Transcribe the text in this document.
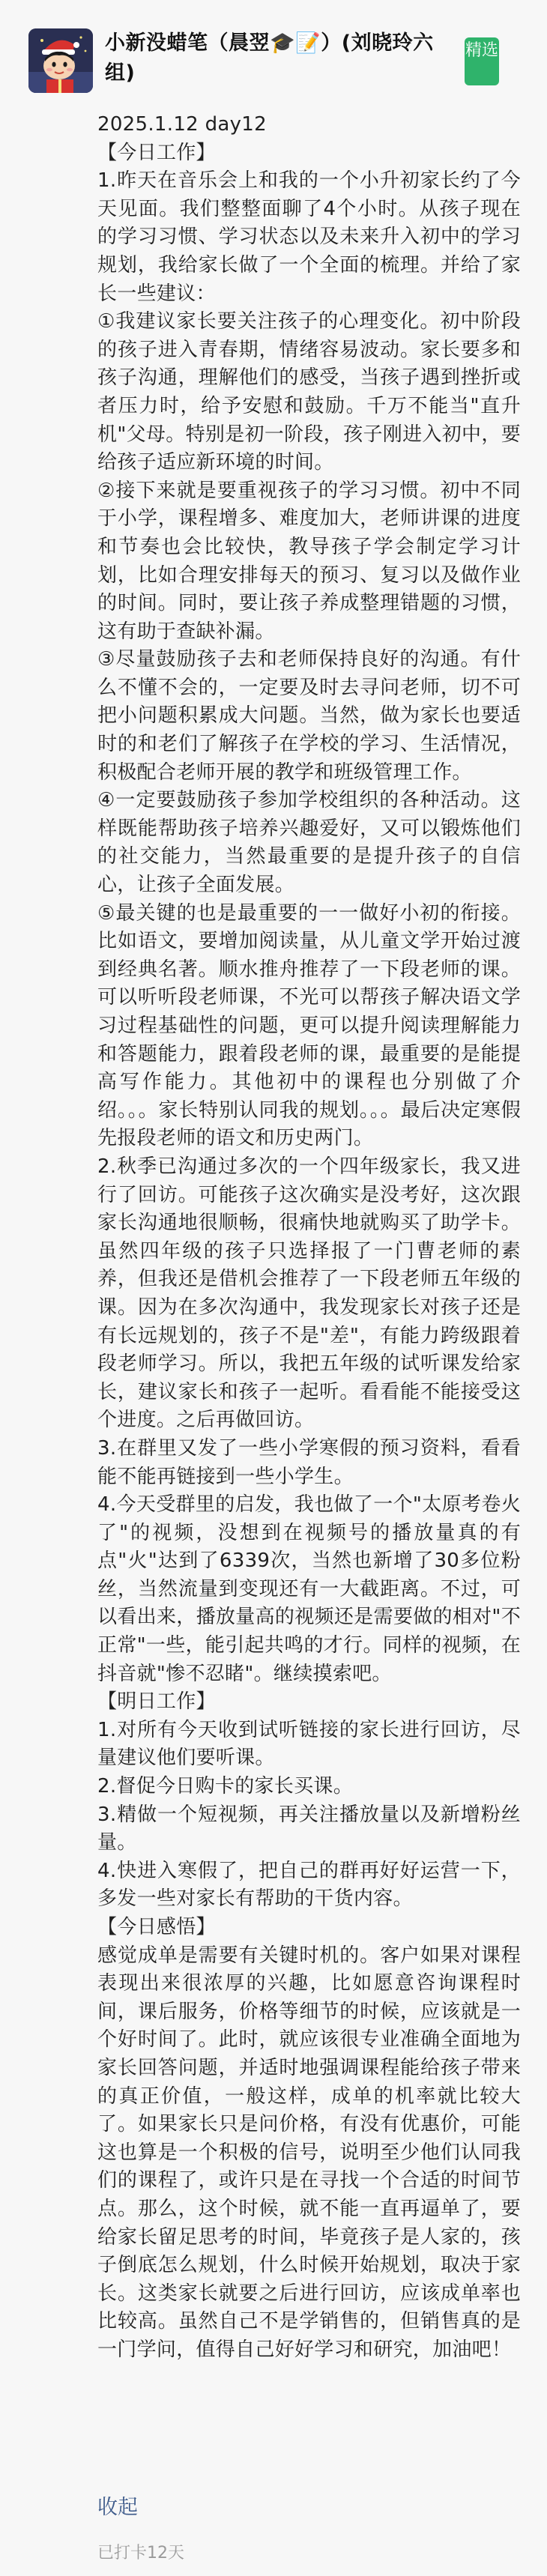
小新没蜡笔（晨翌🎓📝）(刘晓玲六组)
精选

2025.1.12 day12

【今日工作】

1.昨天在音乐会上和我的一个小升初家长约了今天见面。我们整整面聊了4个小时。从孩子现在的学习习惯、学习状态以及未来升入初中的学习规划，我给家长做了一个全面的梳理。并给了家长一些建议：

①我建议家长要关注孩子的心理变化。初中阶段的孩子进入青春期，情绪容易波动。家长要多和孩子沟通，理解他们的感受，当孩子遇到挫折或者压力时，给予安慰和鼓励。千万不能当"直升机"父母。特别是初一阶段，孩子刚进入初中，要给孩子适应新环境的时间。

②接下来就是要重视孩子的学习习惯。初中不同于小学，课程增多、难度加大，老师讲课的进度和节奏也会比较快，教导孩子学会制定学习计划，比如合理安排每天的预习、复习以及做作业的时间。同时，要让孩子养成整理错题的习惯，这有助于查缺补漏。

③尽量鼓励孩子去和老师保持良好的沟通。有什么不懂不会的，一定要及时去寻问老师，切不可把小问题积累成大问题。当然，做为家长也要适时的和老们了解孩子在学校的学习、生活情况，积极配合老师开展的教学和班级管理工作。

④一定要鼓励孩子参加学校组织的各种活动。这样既能帮助孩子培养兴趣爱好，又可以锻炼他们的社交能力，当然最重要的是提升孩子的自信心，让孩子全面发展。

⑤最关键的也是最重要的一一做好小初的衔接。比如语文，要增加阅读量，从儿童文学开始过渡到经典名著。顺水推舟推荐了一下段老师的课。可以听听段老师课，不光可以帮孩子解决语文学习过程基础性的问题，更可以提升阅读理解能力和答题能力，跟着段老师的课，最重要的是能提高写作能力。其他初中的课程也分别做了介绍。。。家长特别认同我的规划。。。最后决定寒假先报段老师的语文和历史两门。

2.秋季已沟通过多次的一个四年级家长，我又进行了回访。可能孩子这次确实是没考好，这次跟家长沟通地很顺畅，很痛快地就购买了助学卡。虽然四年级的孩子只选择报了一门曹老师的素养，但我还是借机会推荐了一下段老师五年级的课。因为在多次沟通中，我发现家长对孩子还是有长远规划的，孩子不是"差"，有能力跨级跟着段老师学习。所以，我把五年级的试听课发给家长，建议家长和孩子一起听。看看能不能接受这个进度。之后再做回访。

3.在群里又发了一些小学寒假的预习资料，看看能不能再链接到一些小学生。

4.今天受群里的启发，我也做了一个"太原考卷火了"的视频，没想到在视频号的播放量真的有点"火"达到了6339次，当然也新增了30多位粉丝，当然流量到变现还有一大截距离。不过，可以看出来，播放量高的视频还是需要做的相对"不正常"一些，能引起共鸣的才行。同样的视频，在抖音就"惨不忍睹"。继续摸索吧。

【明日工作】

1.对所有今天收到试听链接的家长进行回访，尽量建议他们要听课。

2.督促今日购卡的家长买课。

3.精做一个短视频，再关注播放量以及新增粉丝量。

4.快进入寒假了，把自己的群再好好运营一下，多发一些对家长有帮助的干货内容。

【今日感悟】

感觉成单是需要有关键时机的。客户如果对课程表现出来很浓厚的兴趣，比如愿意咨询课程时间，课后服务，价格等细节的时候，应该就是一个好时间了。此时，就应该很专业准确全面地为家长回答问题，并适时地强调课程能给孩子带来的真正价值，一般这样，成单的机率就比较大了。如果家长只是问价格，有没有优惠价，可能这也算是一个积极的信号，说明至少他们认同我们的课程了，或许只是在寻找一个合适的时间节点。那么，这个时候，就不能一直再逼单了，要给家长留足思考的时间，毕竟孩子是人家的，孩子倒底怎么规划，什么时候开始规划，取决于家长。这类家长就要之后进行回访，应该成单率也比较高。虽然自己不是学销售的，但销售真的是一门学问，值得自己好好学习和研究，加油吧！

收起
已打卡12天
